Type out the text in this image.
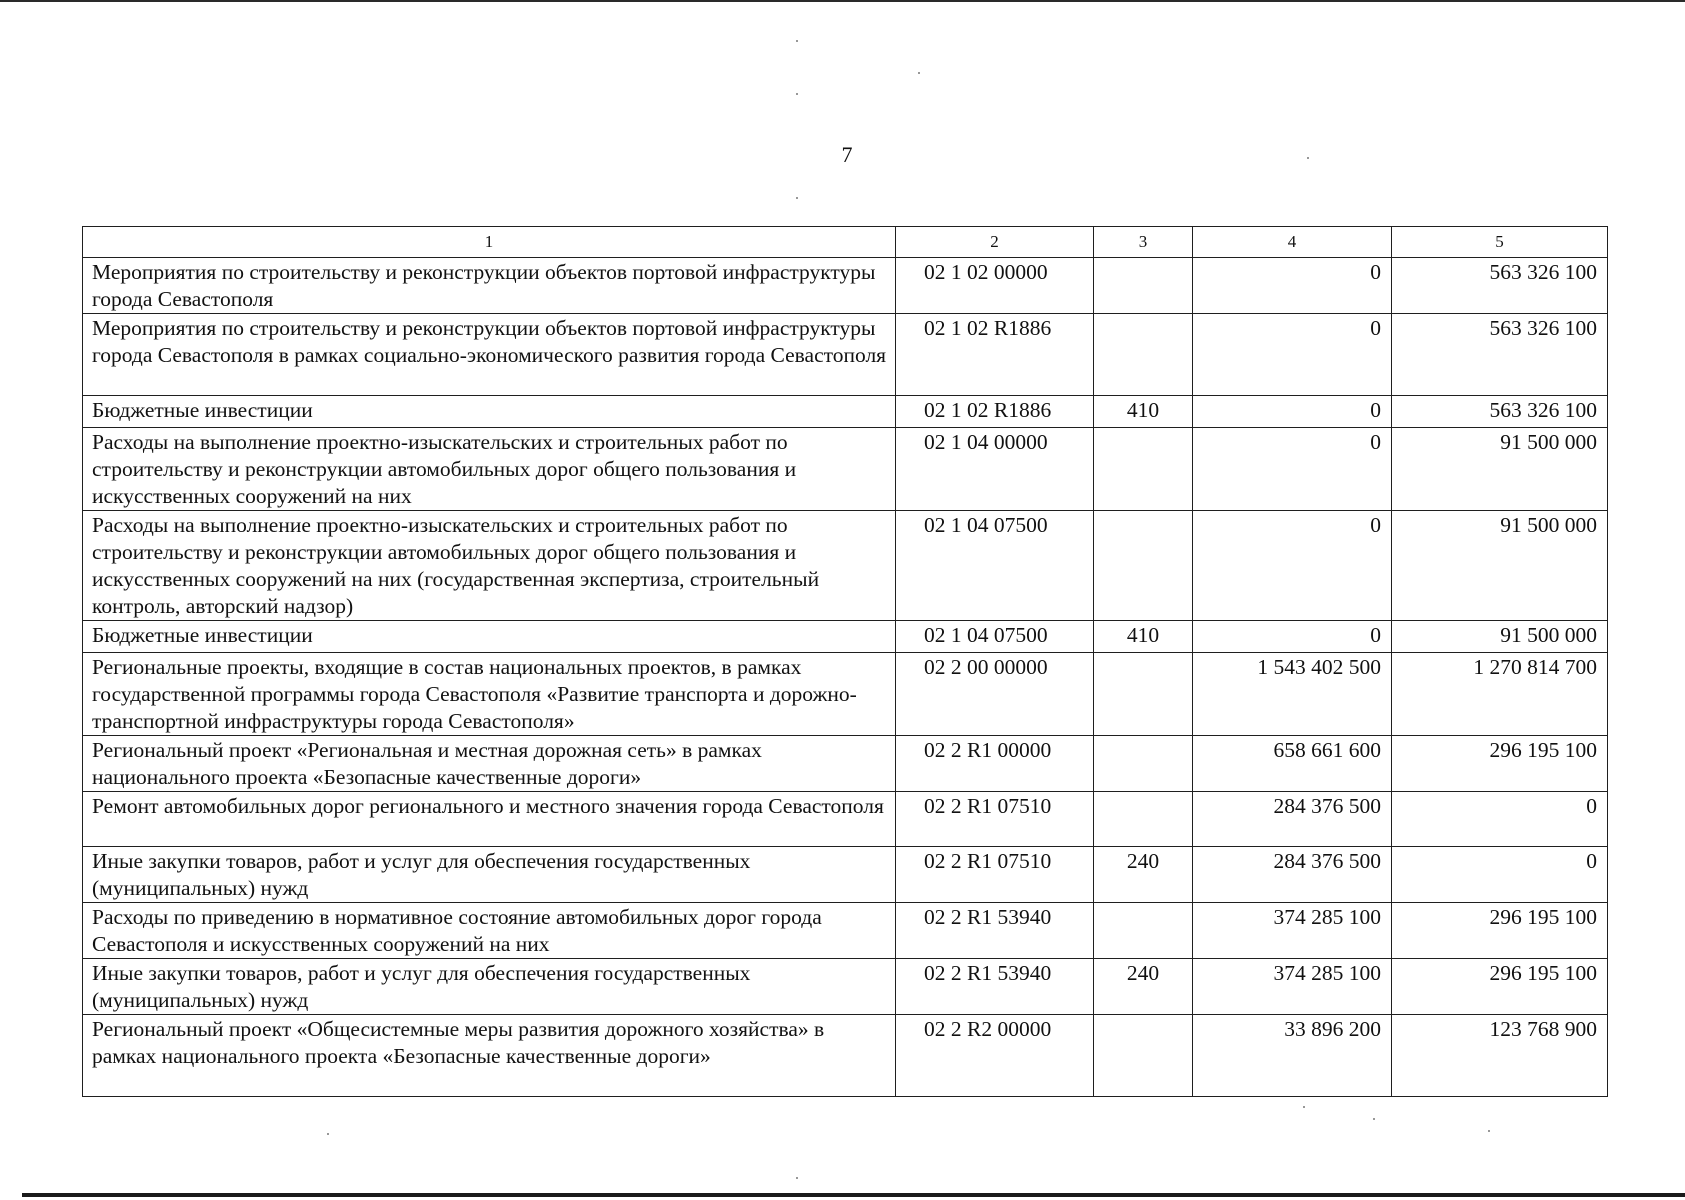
7
1	2	3	4	5
Мероприятия по строительству и реконструкции объектов портовой инфраструктуры города Севастополя	02 1 02 00000		0	563 326 100
Мероприятия по строительству и реконструкции объектов портовой инфраструктуры города Севастополя в рамках социально-экономического развития города Севастополя	02 1 02 R1886		0	563 326 100
Бюджетные инвестиции	02 1 02 R1886	410	0	563 326 100
Расходы на выполнение проектно-изыскательских и строительных работ по строительству и реконструкции автомобильных дорог общего пользования и искусственных сооружений на них	02 1 04 00000		0	91 500 000
Расходы на выполнение проектно-изыскательских и строительных работ по строительству и реконструкции автомобильных дорог общего пользования и искусственных сооружений на них (государственная экспертиза, строительный контроль, авторский надзор)	02 1 04 07500		0	91 500 000
Бюджетные инвестиции	02 1 04 07500	410	0	91 500 000
Региональные проекты, входящие в состав национальных проектов, в рамках государственной программы города Севастополя «Развитие транспорта и дорожно-транспортной инфраструктуры города Севастополя»	02 2 00 00000		1 543 402 500	1 270 814 700
Региональный проект «Региональная и местная дорожная сеть» в рамках национального проекта «Безопасные качественные дороги»	02 2 R1 00000		658 661 600	296 195 100
Ремонт автомобильных дорог регионального и местного значения города Севастополя	02 2 R1 07510		284 376 500	0
Иные закупки товаров, работ и услуг для обеспечения государственных (муниципальных) нужд	02 2 R1 07510	240	284 376 500	0
Расходы по приведению в нормативное состояние автомобильных дорог города Севастополя и искусственных сооружений на них	02 2 R1 53940		374 285 100	296 195 100
Иные закупки товаров, работ и услуг для обеспечения государственных (муниципальных) нужд	02 2 R1 53940	240	374 285 100	296 195 100
Региональный проект «Общесистемные меры развития дорожного хозяйства» в рамках национального проекта «Безопасные качественные дороги»	02 2 R2 00000		33 896 200	123 768 900
